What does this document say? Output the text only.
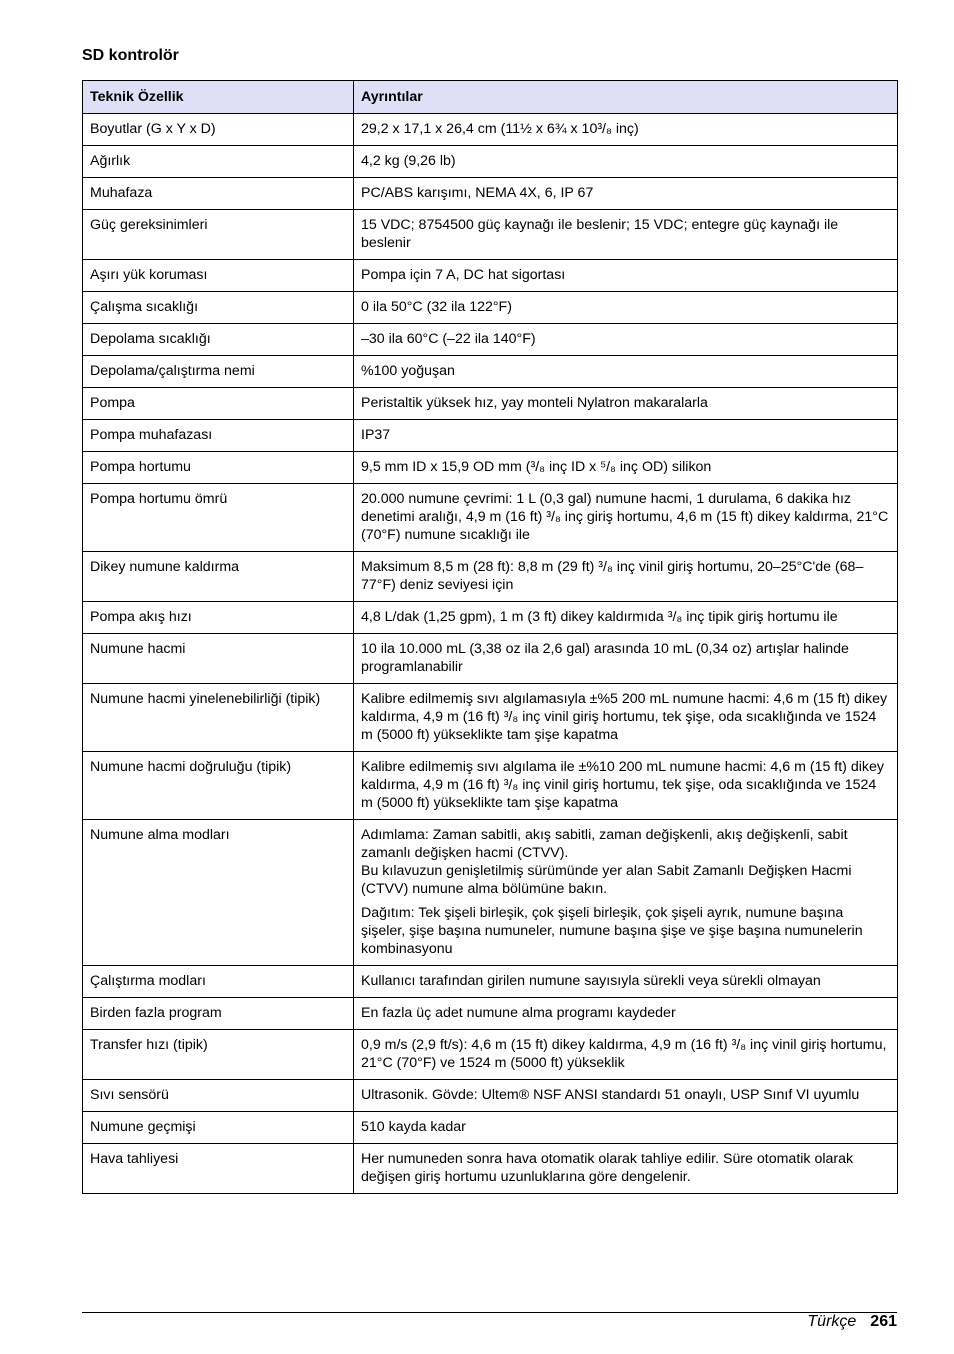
SD kontrolör
Teknik Özellik	Ayrıntılar
Boyutlar (G x Y x D)	29,2 x 17,1 x 26,4 cm (11½ x 6¾ x 10³/₈ inç)

Ağırlık	4,2 kg (9,26 lb)

Muhafaza	PC/ABS karışımı, NEMA 4X, 6, IP 67

Güç gereksinimleri	15 VDC; 8754500 güç kaynağı ile beslenir; 15 VDC; entegre güç kaynağı ile beslenir

Aşırı yük koruması	Pompa için 7 A, DC hat sigortası

Çalışma sıcaklığı	0 ila 50°C (32 ila 122°F)

Depolama sıcaklığı	–30 ila 60°C (–22 ila 140°F)

Depolama/çalıştırma nemi	%100 yoğuşan

Pompa	Peristaltik yüksek hız, yay monteli Nylatron makaralarla

Pompa muhafazası	IP37

Pompa hortumu	9,5 mm ID x 15,9 OD mm (³/₈ inç ID x ⁵/₈ inç OD) silikon

Pompa hortumu ömrü	20.000 numune çevrimi: 1 L (0,3 gal) numune hacmi, 1 durulama, 6 dakika hız denetimi aralığı, 4,9 m (16 ft) ³/₈ inç giriş hortumu, 4,6 m (15 ft) dikey kaldırma, 21°C (70°F) numune sıcaklığı ile

Dikey numune kaldırma	Maksimum 8,5 m (28 ft): 8,8 m (29 ft) ³/₈ inç vinil giriş hortumu, 20–25°C'de (68–77°F) deniz seviyesi için

Pompa akış hızı	4,8 L/dak (1,25 gpm), 1 m (3 ft) dikey kaldırmıda ³/₈ inç tipik giriş hortumu ile

Numune hacmi	10 ila 10.000 mL (3,38 oz ila 2,6 gal) arasında 10 mL (0,34 oz) artışlar halinde programlanabilir

Numune hacmi yinelenebilirliği (tipik)	Kalibre edilmemiş sıvı algılamasıyla ±%5 200 mL numune hacmi: 4,6 m (15 ft) dikey kaldırma, 4,9 m (16 ft) ³/₈ inç vinil giriş hortumu, tek şişe, oda sıcaklığında ve 1524 m (5000 ft) yükseklikte tam şişe kapatma

Numune hacmi doğruluğu (tipik)	Kalibre edilmemiş sıvı algılama ile ±%10 200 mL numune hacmi: 4,6 m (15 ft) dikey kaldırma, 4,9 m (16 ft) ³/₈ inç vinil giriş hortumu, tek şişe, oda sıcaklığında ve 1524 m (5000 ft) yükseklikte tam şişe kapatma

Numune alma modları	Adımlama: Zaman sabitli, akış sabitli, zaman değişkenli, akış değişkenli, sabit zamanlı değişken hacmi (CTVV).
Bu kılavuzun genişletilmiş sürümünde yer alan Sabit Zamanlı Değişken Hacmi (CTVV) numune alma bölümüne bakın.
Dağıtım: Tek şişeli birleşik, çok şişeli birleşik, çok şişeli ayrık, numune başına şişeler, şişe başına numuneler, numune başına şişe ve şişe başına numunelerin kombinasyonu

Çalıştırma modları	Kullanıcı tarafından girilen numune sayısıyla sürekli veya sürekli olmayan

Birden fazla program	En fazla üç adet numune alma programı kaydeder

Transfer hızı (tipik)	0,9 m/s (2,9 ft/s): 4,6 m (15 ft) dikey kaldırma, 4,9 m (16 ft) ³/₈ inç vinil giriş hortumu, 21°C (70°F) ve 1524 m (5000 ft) yükseklik

Sıvı sensörü	Ultrasonik. Gövde: Ultem® NSF ANSI standardı 51 onaylı, USP Sınıf VI uyumlu

Numune geçmişi	510 kayda kadar

Hava tahliyesi	Her numuneden sonra hava otomatik olarak tahliye edilir. Süre otomatik olarak değişen giriş hortumu uzunluklarına göre dengelenir.
Türkçe 261
